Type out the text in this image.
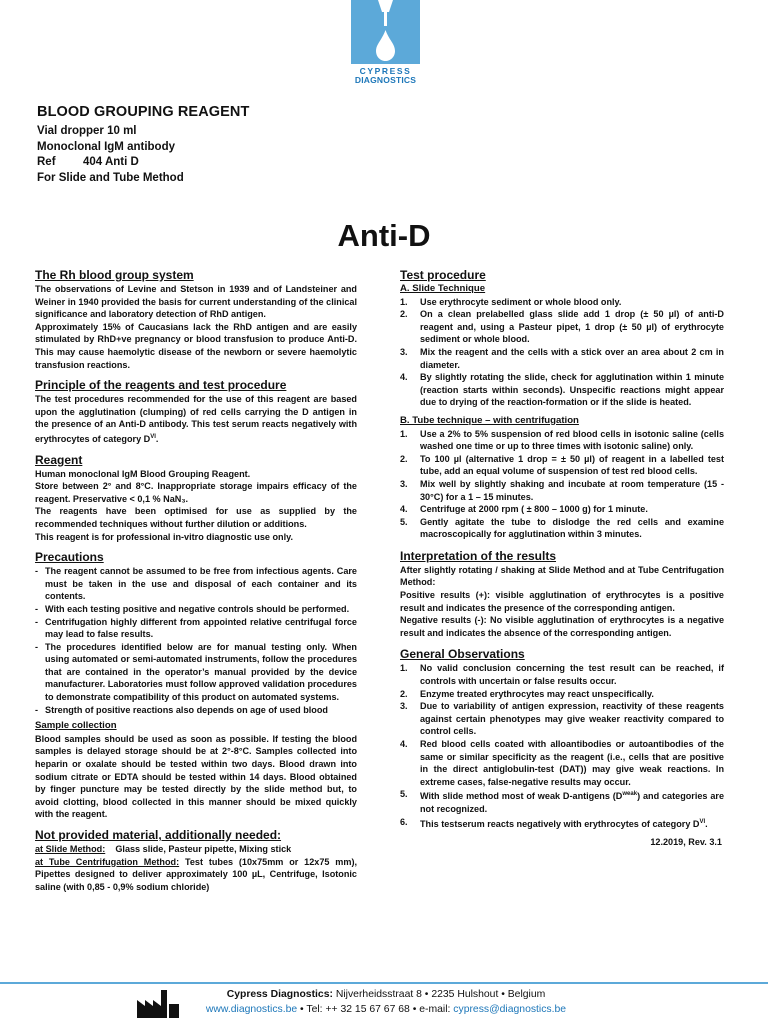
CYPRESS
DIAGNOSTICS
BLOOD GROUPING REAGENT
Vial dropper 10 ml
Monoclonal IgM antibody
Ref 404 Anti D
For Slide and Tube Method
Anti-D
The Rh blood group system
The observations of Levine and Stetson in 1939 and of Landsteiner and Weiner in 1940 provided the basis for current understanding of the clinical significance and laboratory detection of RhD antigen.
Approximately 15% of Caucasians lack the RhD antigen and are easily stimulated by RhD+ve pregnancy or blood transfusion to produce Anti-D. This may cause haemolytic disease of the newborn or severe haemolytic transfusion reactions.
Principle of the reagents and test procedure
The test procedures recommended for the use of this reagent are based upon the agglutination (clumping) of red cells carrying the D antigen in the presence of an Anti-D antibody. This test serum reacts negatively with erythrocytes of category $D^{VI}$.
Reagent
Human monoclonal IgM Blood Grouping Reagent.
Store between 2° and 8°C. Inappropriate storage impairs efficacy of the reagent. Preservative < 0,1 % NaN₃.
The reagents have been optimised for use as supplied by the recommended techniques without further dilution or additions.
This reagent is for professional in-vitro diagnostic use only.
Precautions
- The reagent cannot be assumed to be free from infectious agents. Care must be taken in the use and disposal of each container and its contents.
- With each testing positive and negative controls should be performed.
- Centrifugation highly different from appointed relative centrifugal force may lead to false results.
- The procedures identified below are for manual testing only. When using automated or semi-automated instruments, follow the procedures that are contained in the operator’s manual provided by the device manufacturer. Laboratories must follow approved validation procedures to demonstrate compatibility of this product on automated systems.
- Strength of positive reactions also depends on age of used blood
Sample collection
Blood samples should be used as soon as possible. If testing the blood samples is delayed storage should be at 2°-8°C. Samples collected into heparin or oxalate should be tested within two days. Blood drawn into sodium citrate or EDTA should be tested within 14 days. Blood obtained by finger puncture may be tested directly by the slide method but, to avoid clotting, blood collected in this manner should be mixed quickly with the reagent.
Not provided material, additionally needed:
at Slide Method: Glass slide, Pasteur pipette, Mixing stick
at Tube Centrifugation Method: Test tubes (10x75mm or 12x75 mm), Pipettes designed to deliver approximately 100 µL, Centrifuge, Isotonic saline (with 0,85 - 0,9% sodium chloride)
Test procedure
A. Slide Technique
1. Use erythrocyte sediment or whole blood only.
2. On a clean prelabelled glass slide add 1 drop (± 50 µl) of anti-D reagent and, using a Pasteur pipet, 1 drop (± 50 µl) of erythrocyte sediment or whole blood.
3. Mix the reagent and the cells with a stick over an area about 2 cm in diameter.
4. By slightly rotating the slide, check for agglutination within 1 minute (reaction starts within seconds). Unspecific reactions might appear due to drying of the reaction-formation or if the slide is heated.
B. Tube technique – with centrifugation
1. Use a 2% to 5% suspension of red blood cells in isotonic saline (cells washed one time or up to three times with isotonic saline) only.
2. To 100 µl (alternative 1 drop = ± 50 µl) of reagent in a labelled test tube, add an equal volume of suspension of test red blood cells.
3. Mix well by slightly shaking and incubate at room temperature (15 - 30°C) for a 1 – 15 minutes.
4. Centrifuge at 2000 rpm ( ± 800 – 1000 g) for 1 minute.
5. Gently agitate the tube to dislodge the red cells and examine macroscopically for agglutination within 3 minutes.
Interpretation of the results
After slightly rotating / shaking at Slide Method and at Tube Centrifugation Method:
Positive results (+): visible agglutination of erythrocytes is a positive result and indicates the presence of the corresponding antigen.
Negative results (-): No visible agglutination of erythrocytes is a negative result and indicates the absence of the corresponding antigen.
General Observations
1. No valid conclusion concerning the test result can be reached, if controls with uncertain or false results occur.
2. Enzyme treated erythrocytes may react unspecifically.
3. Due to variability of antigen expression, reactivity of these reagents against certain phenotypes may give weaker reactivity compared to control cells.
4. Red blood cells coated with alloantibodies or autoantibodies of the same or similar specificity as the reagent (i.e., cells that are positive in the direct antiglobulin-test (DAT)) may give weak reactions. In extreme cases, false-negative results may occur.
5. With slide method most of weak D-antigens $(D^{weak})$ and categories are not recognized.
6. This testserum reacts negatively with erythrocytes of category $D^{VI}$.
12.2019, Rev. 3.1
Cypress Diagnostics: Nijverheidsstraat 8 • 2235 Hulshout • Belgium
www.diagnostics.be • Tel: ++ 32 15 67 67 68 • e-mail: cypress@diagnostics.be
